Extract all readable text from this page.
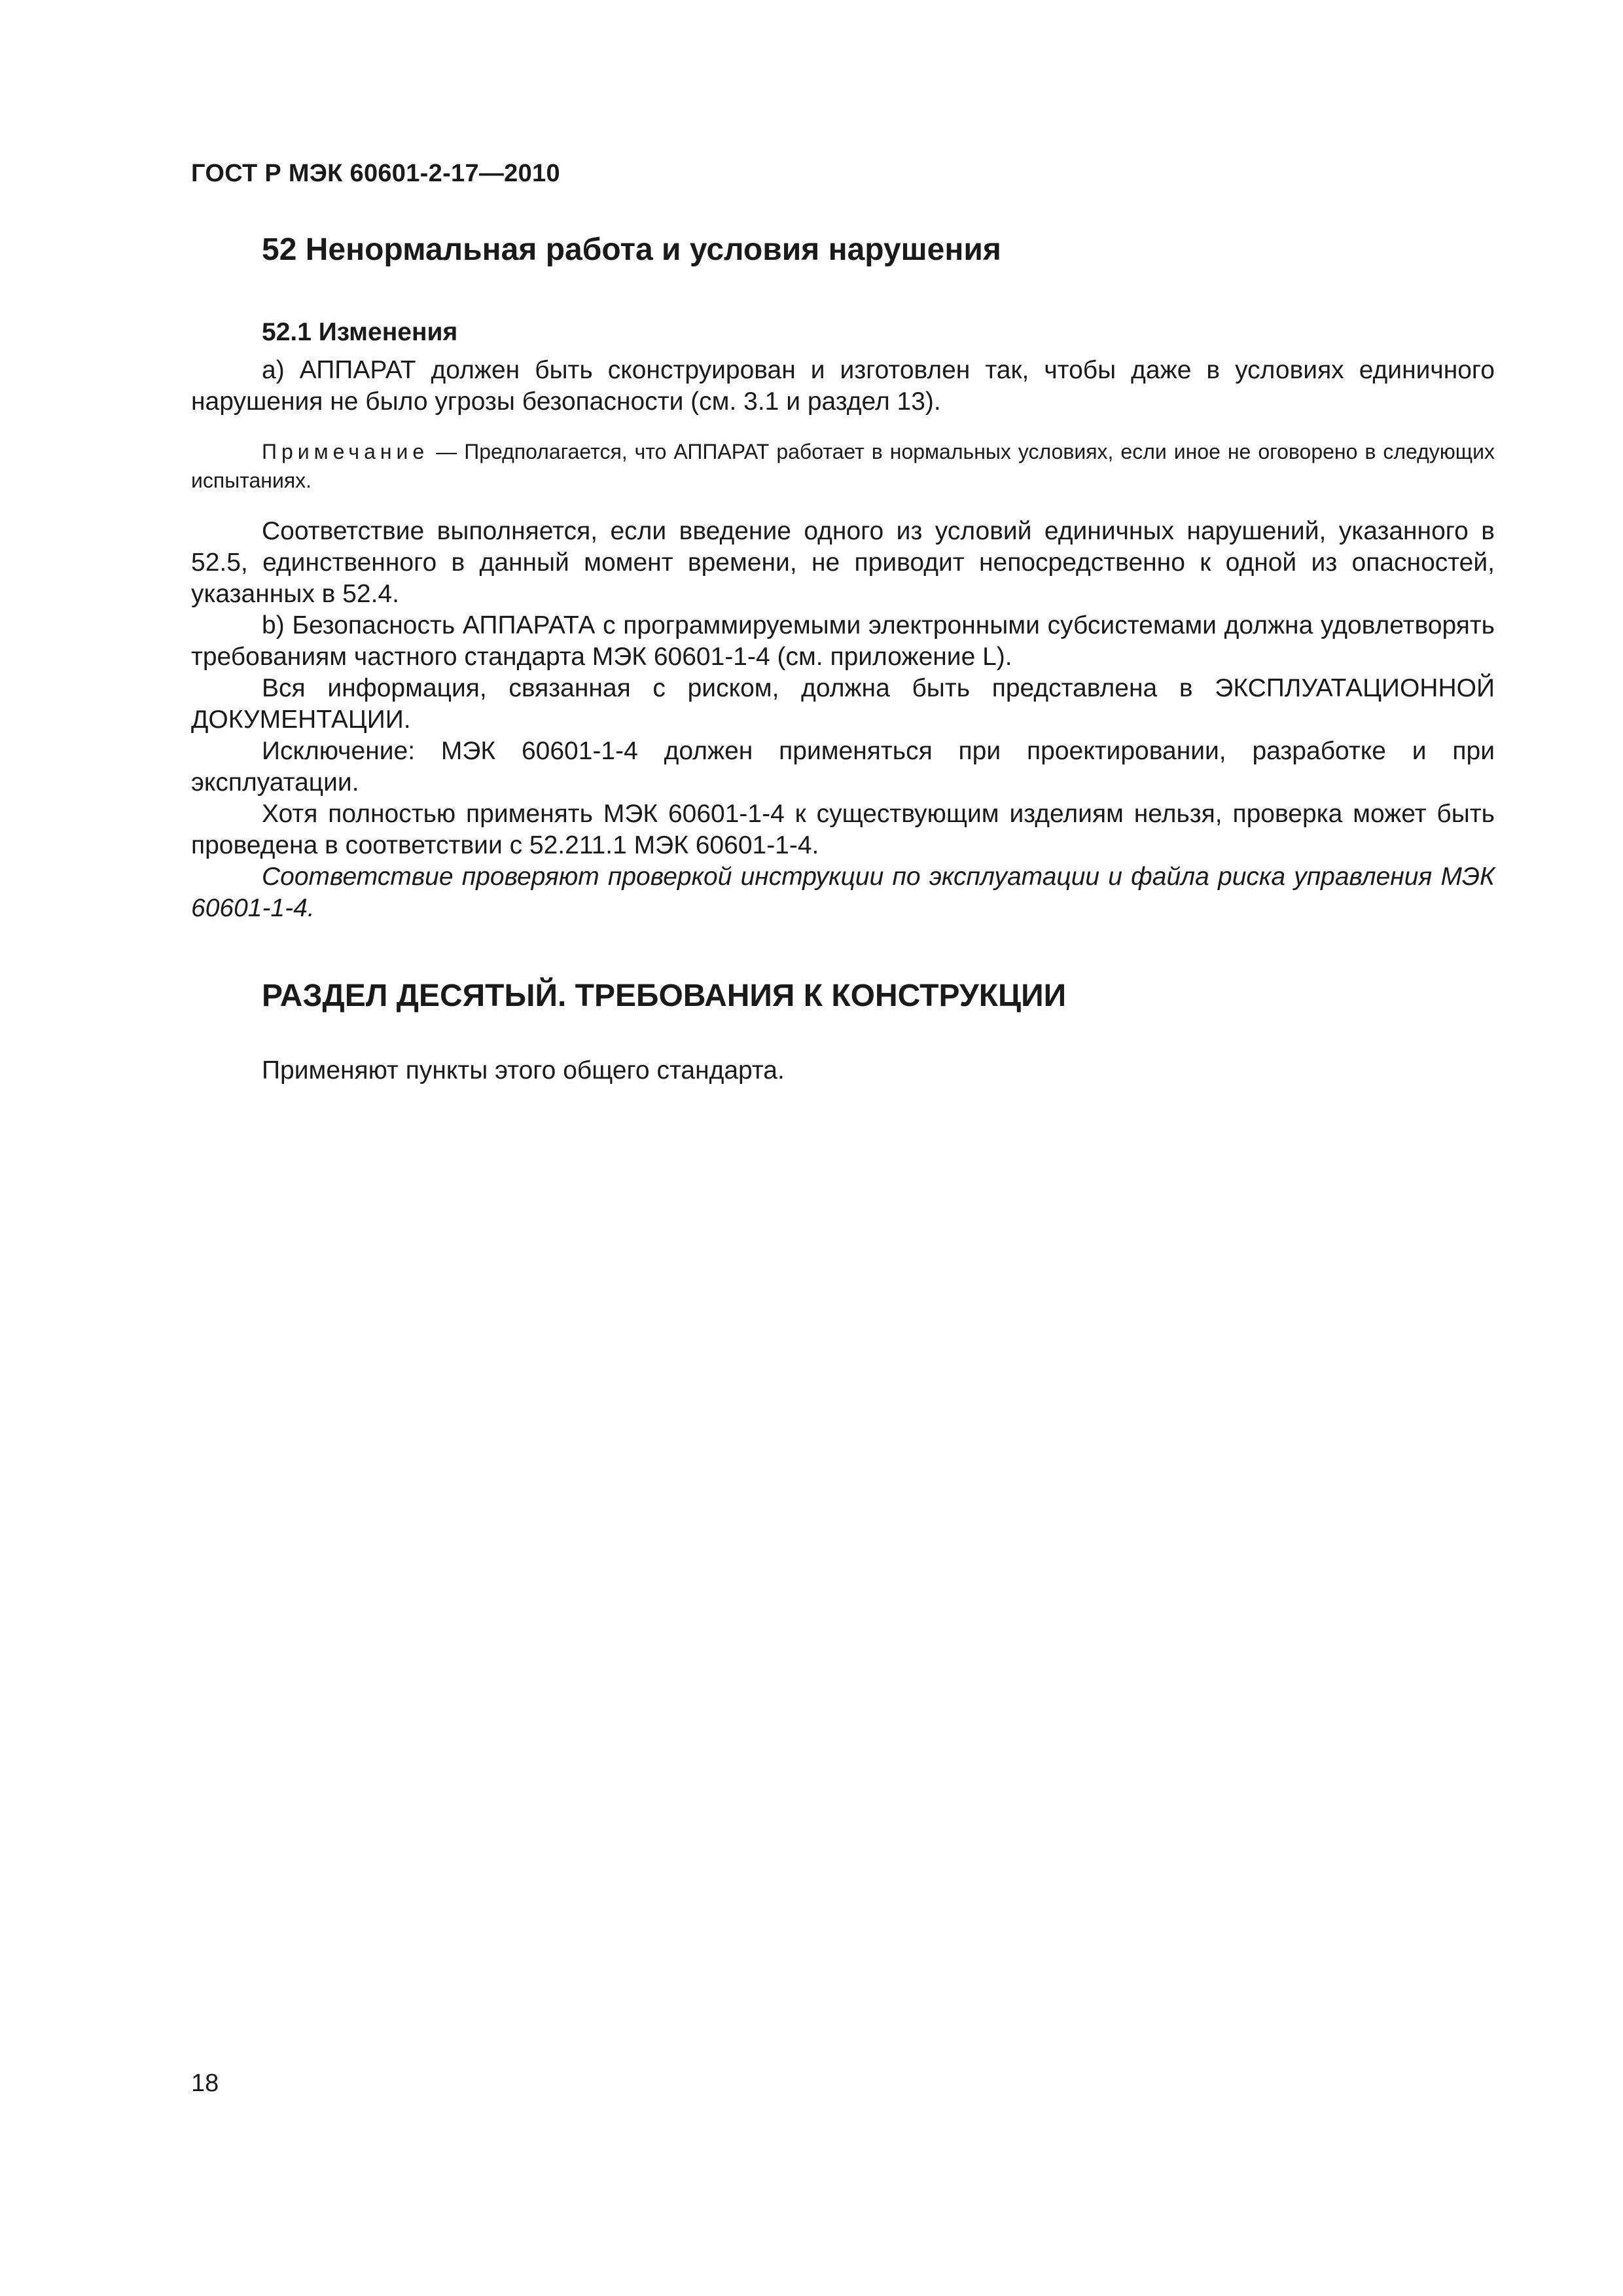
ГОСТ Р МЭК 60601-2-17—2010
52 Ненормальная работа и условия нарушения
52.1 Изменения

а) АППАРАТ должен быть сконструирован и изготовлен так, чтобы даже в условиях единичного нарушения не было угрозы безопасности (см. 3.1 и раздел 13).

Примечание — Предполагается, что АППАРАТ работает в нормальных условиях, если иное не оговорено в следующих испытаниях.

Соответствие выполняется, если введение одного из условий единичных нарушений, указанного в 52.5, единственного в данный момент времени, не приводит непосредственно к одной из опасностей, указанных в 52.4.

b) Безопасность АППАРАТА с программируемыми электронными субсистемами должна удовлетворять требованиям частного стандарта МЭК 60601-1-4 (см. приложение L).

Вся информация, связанная с риском, должна быть представлена в ЭКСПЛУАТАЦИОННОЙ ДОКУМЕНТАЦИИ.

Исключение: МЭК 60601-1-4 должен применяться при проектировании, разработке и при эксплуатации.

Хотя полностью применять МЭК 60601-1-4 к существующим изделиям нельзя, проверка может быть проведена в соответствии с 52.211.1 МЭК 60601-1-4.

Соответствие проверяют проверкой инструкции по эксплуатации и файла риска управления МЭК 60601-1-4.

РАЗДЕЛ ДЕСЯТЫЙ. ТРЕБОВАНИЯ К КОНСТРУКЦИИ

Применяют пункты этого общего стандарта.

18
